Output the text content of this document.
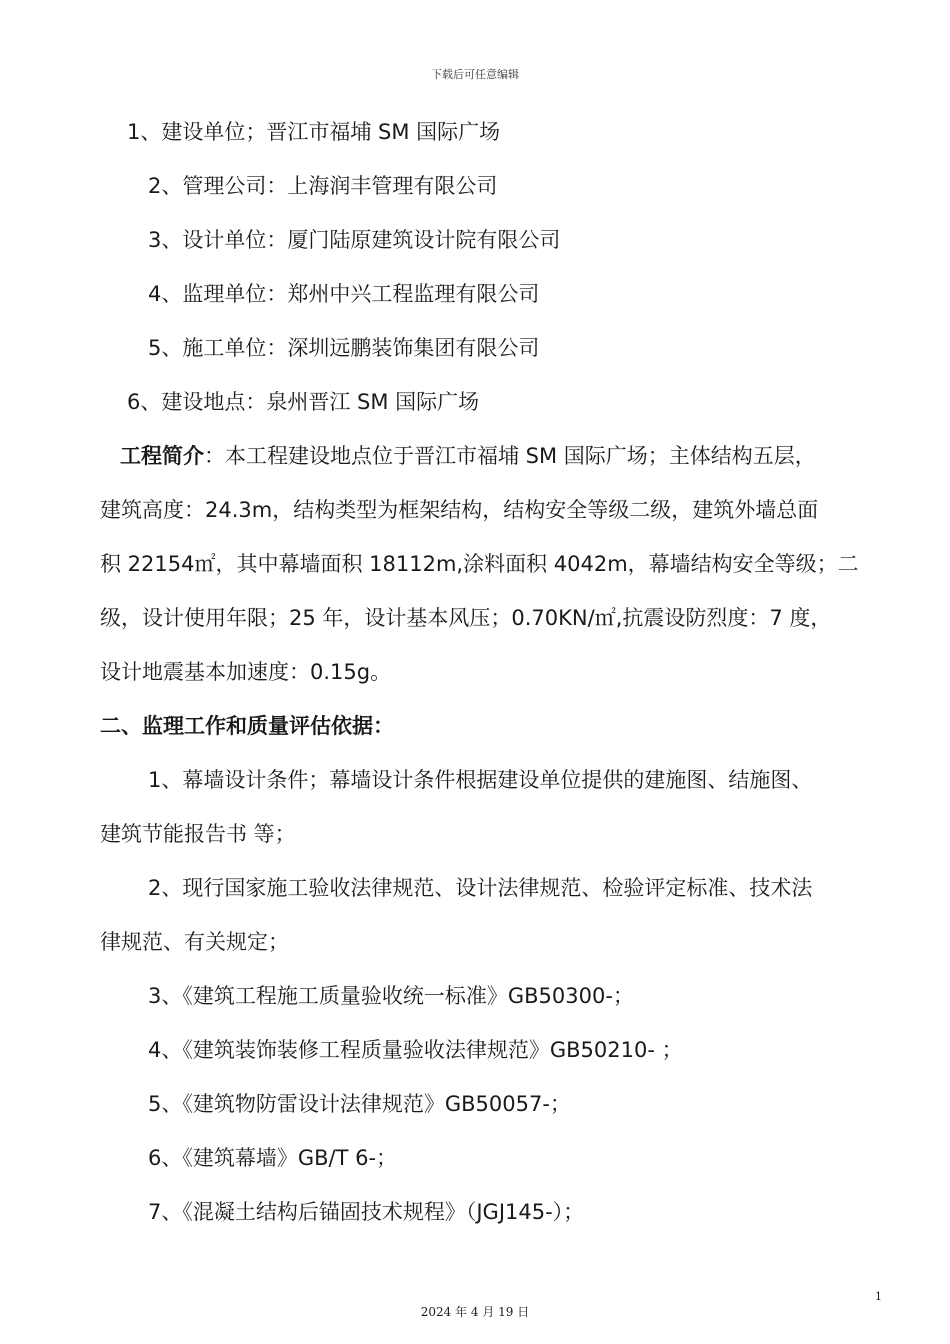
下载后可任意编辑
1、建设单位；晋江市福埔 SM 国际广场
2、管理公司：上海润丰管理有限公司
3、设计单位：厦门陆原建筑设计院有限公司
4、监理单位：郑州中兴工程监理有限公司
5、施工单位：深圳远鹏装饰集团有限公司
6、建设地点：泉州晋江 SM 国际广场
工程简介：本工程建设地点位于晋江市福埔 SM 国际广场；主体结构五层，
建筑高度：24.3m，结构类型为框架结构，结构安全等级二级，建筑外墙总面
积 22154㎡，其中幕墙面积 18112m,涂料面积 4042m，幕墙结构安全等级；二
级，设计使用年限；25 年，设计基本风压；0.70KN/㎡,抗震设防烈度：7 度，
设计地震基本加速度：0.15g。
二、监理工作和质量评估依据：
1、幕墙设计条件；幕墙设计条件根据建设单位提供的建施图、结施图、
建筑节能报告书 等；
2、现行国家施工验收法律规范、设计法律规范、检验评定标准、技术法
律规范、有关规定；
3、《建筑工程施工质量验收统一标准》GB50300-；
4、《建筑装饰装修工程质量验收法律规范》GB50210- ；
5、《建筑物防雷设计法律规范》GB50057-；
6、《建筑幕墙》GB/T 6-；
7、《混凝土结构后锚固技术规程》（JGJ145-）；
1
2024 年 4 月 19 日
